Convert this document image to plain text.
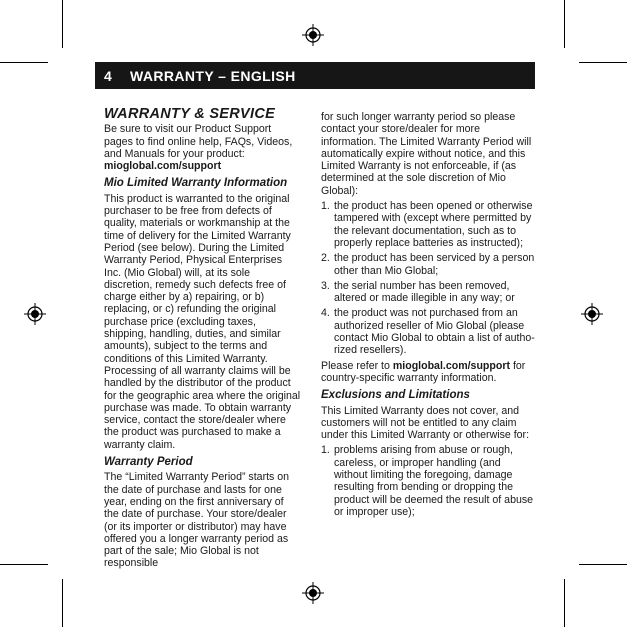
4	WARRANTY – ENGLISH
WARRANTY & SERVICE

Be sure to visit our Product Support pages to find online help, FAQs, Videos, and Manuals for your product: mioglobal.com/support

Mio Limited Warranty Information

This product is warranted to the original purchaser to be free from defects of quality, materials or workmanship at the time of delivery for the Limited Warranty Period (see below). During the Limited Warranty Period, Physical Enterprises Inc. (Mio Global) will, at its sole discretion, remedy such defects free of charge either by a) repairing, or b) replacing, or c) refunding the original purchase price (excluding taxes, shipping, handling, duties, and similar amounts), subject to the terms and conditions of this Limited Warranty. Processing of all warranty claims will be handled by the distributor of the product for the geographic area where the original purchase was made. To obtain warranty service, contact the store/dealer where the product was purchased to make a warranty claim.

Warranty Period

The “Limited Warranty Period” starts on the date of purchase and lasts for one year, ending on the first anniversary of the date of purchase. Your store/dealer (or its importer or distributor) may have offered you a longer warranty period as part of the sale; Mio Global is not responsible

for such longer warranty period so please contact your store/dealer for more information. The Limited Warranty Period will automatically expire without notice, and this Limited Warranty is not enforceable, if (as determined at the sole discretion of Mio Global):

1. the product has been opened or otherwise tampered with (except where permitted by the relevant documentation, such as to properly replace batteries as instructed);
2. the product has been serviced by a person other than Mio Global;
3. the serial number has been removed, altered or made illegible in any way; or
4. the product was not purchased from an authorized reseller of Mio Global (please contact Mio Global to obtain a list of autho-rized resellers).

Please refer to mioglobal.com/support for country-specific warranty information.

Exclusions and Limitations

This Limited Warranty does not cover, and customers will not be entitled to any claim under this Limited Warranty or otherwise for:

1. problems arising from abuse or rough, careless, or improper handling (and without limiting the foregoing, damage resulting from bending or dropping the product will be deemed the result of abuse or improper use);
